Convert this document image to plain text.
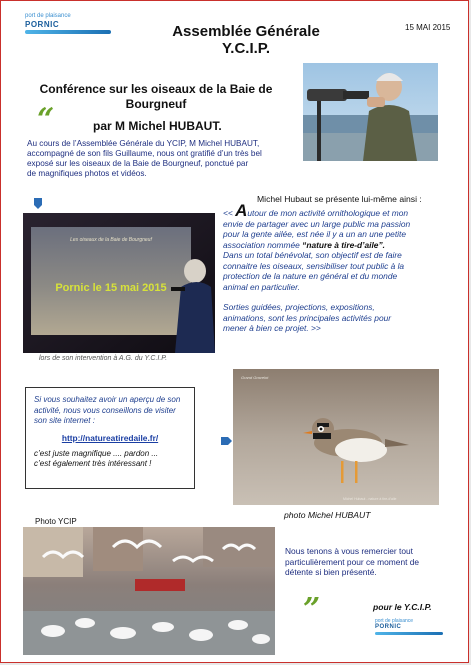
port de plaisance
PORNIC	Assemblée Générale
Y.C.I.P.
15 MAI 2015
Conférence sur les oiseaux de la Baie de
Bourgneuf
“	par M Michel HUBAUT.
Au cours de l’Assemblée Générale du YCIP, M Michel HUBAUT,
accompagné de son fils Guillaume, nous ont gratifié d’un très bel
exposé sur les oiseaux de la Baie de Bourgneuf, ponctué par
de magnifiques photos et vidéos.
Michel Hubaut se présente lui-même ainsi :
Les oiseaux de la Baie de Bourgneuf
Pornic le 15 mai 2015
lors de son intervention à A.G. du Y.C.I.P.
<< Autour de mon activité ornithologique et mon
envie de partager avec un large public ma passion
pour la gente ailée, est née il y a un an une petite
association nommée “nature à tire-d’aile”.
Dans un total bénévolat, son objectif est de faire
connaitre les oiseaux, sensibiliser tout public à la
protection de la nature en général et du monde
animal en particulier.
Sorties guidées, projections, expositions,
animations, sont les principales activités pour
mener à bien ce projet. >>
Si vous souhaitez avoir un aperçu de son
activité, nous vous conseillons de visiter
son site internet :
http://natureatiredaile.fr/
c’est juste magnifique .... pardon ...
c’est également très intéressant !
Grand Gravelot
Michel Hubaut - nature à tire-d’aile
photo Michel HUBAUT
Photo YCIP
Nous tenons à vous remercier tout
particulièrement pour ce moment de
détente si bien présenté.
”	pour le Y.C.I.P.
port de plaisance
PORNIC
